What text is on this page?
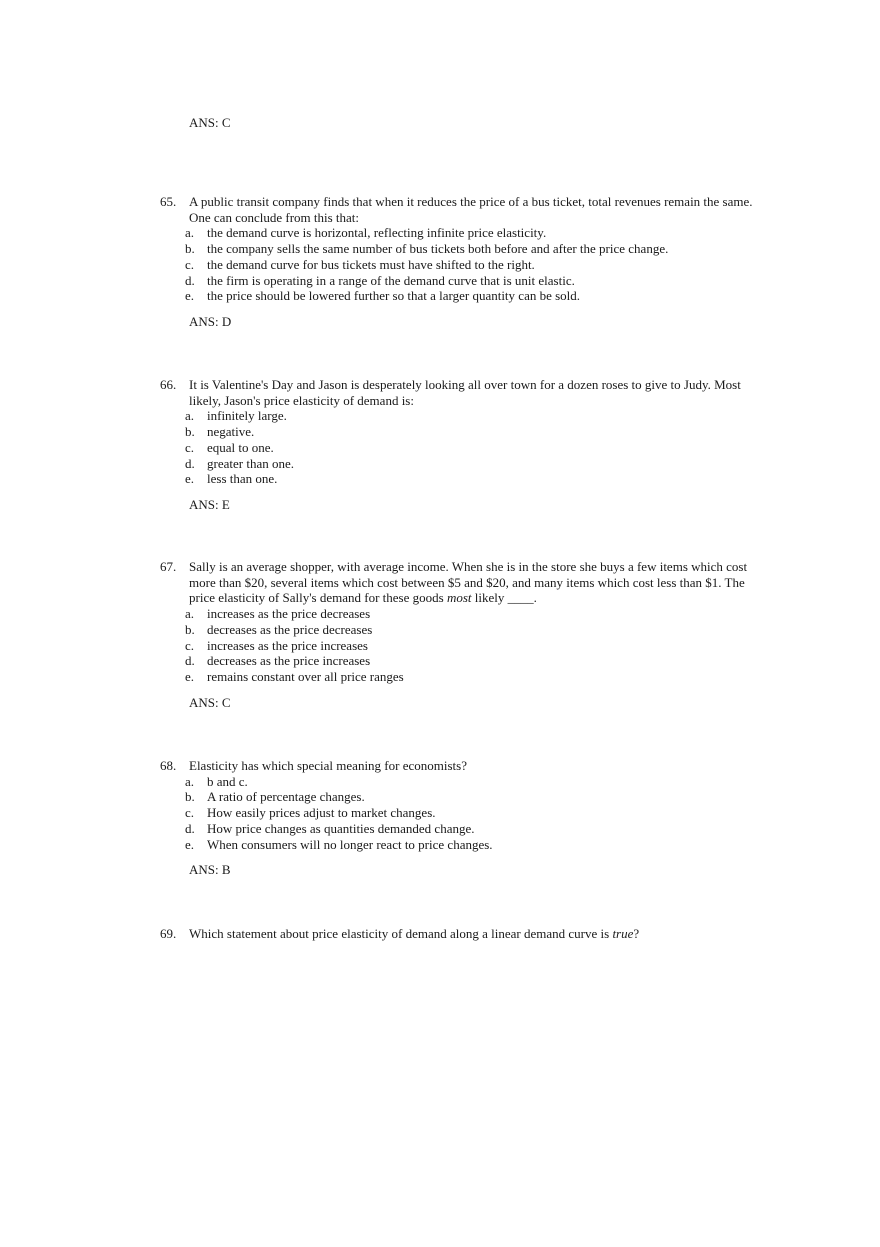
ANS: C
65. A public transit company finds that when it reduces the price of a bus ticket, total revenues remain the same. One can conclude from this that:
a. the demand curve is horizontal, reflecting infinite price elasticity.
b. the company sells the same number of bus tickets both before and after the price change.
c. the demand curve for bus tickets must have shifted to the right.
d. the firm is operating in a range of the demand curve that is unit elastic.
e. the price should be lowered further so that a larger quantity can be sold.
ANS: D
66. It is Valentine's Day and Jason is desperately looking all over town for a dozen roses to give to Judy. Most likely, Jason's price elasticity of demand is:
a. infinitely large.
b. negative.
c. equal to one.
d. greater than one.
e. less than one.
ANS: E
67. Sally is an average shopper, with average income. When she is in the store she buys a few items which cost more than $20, several items which cost between $5 and $20, and many items which cost less than $1. The price elasticity of Sally's demand for these goods most likely ____.
a. increases as the price decreases
b. decreases as the price decreases
c. increases as the price increases
d. decreases as the price increases
e. remains constant over all price ranges
ANS: C
68. Elasticity has which special meaning for economists?
a. b and c.
b. A ratio of percentage changes.
c. How easily prices adjust to market changes.
d. How price changes as quantities demanded change.
e. When consumers will no longer react to price changes.
ANS: B
69. Which statement about price elasticity of demand along a linear demand curve is true?
